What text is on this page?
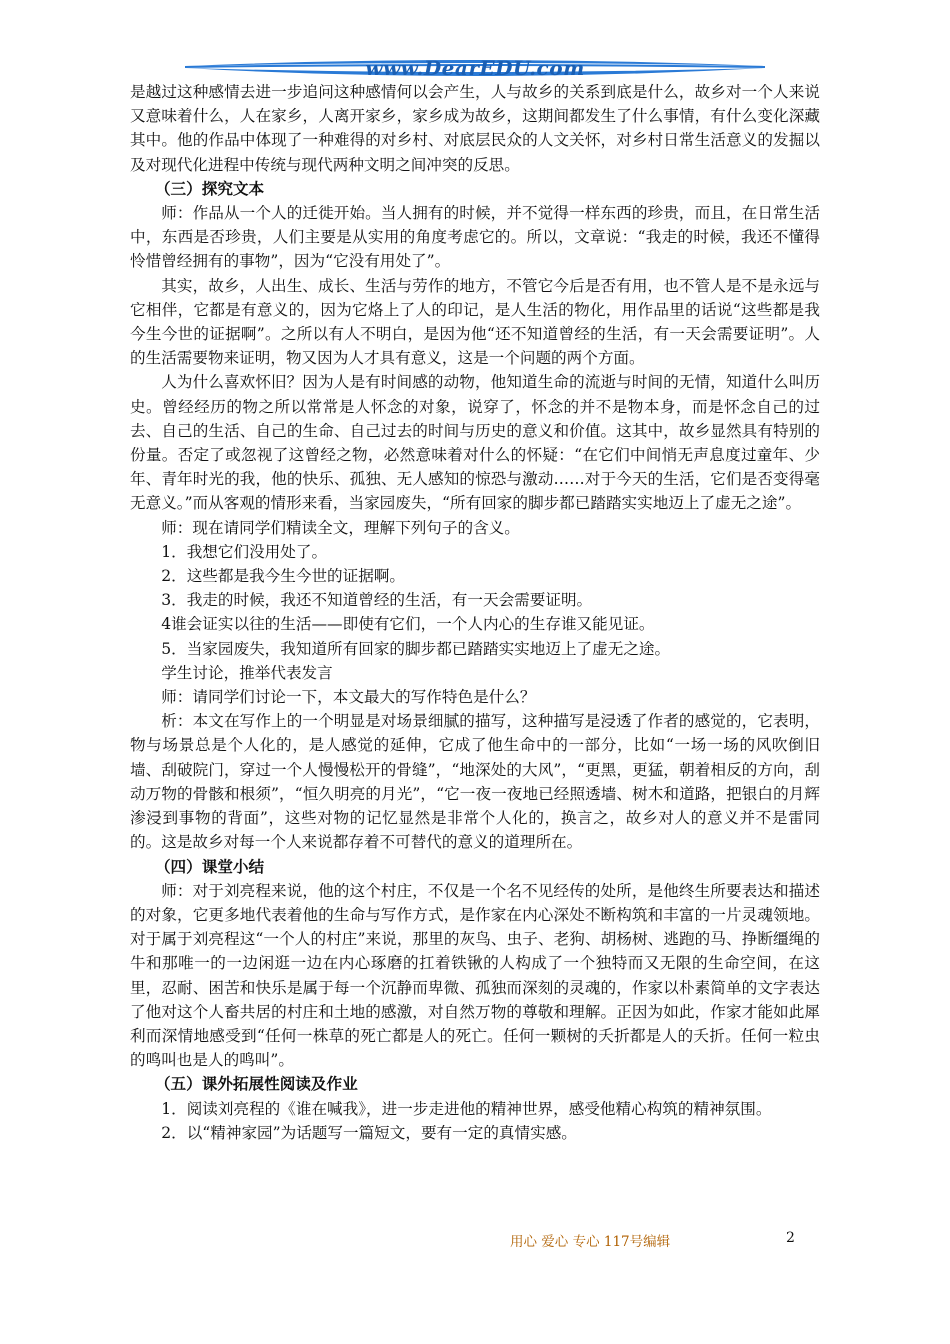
www.DearEDU.com

是越过这种感情去进一步追问这种感情何以会产生，人与故乡的关系到底是什么，故乡对一个人来说又意味着什么，人在家乡，人离开家乡，家乡成为故乡，这期间都发生了什么事情，有什么变化深藏其中。他的作品中体现了一种难得的对乡村、对底层民众的人文关怀，对乡村日常生活意义的发掘以及对现代化进程中传统与现代两种文明之间冲突的反思。

（三）探究文本

师：作品从一个人的迁徙开始。当人拥有的时候，并不觉得一样东西的珍贵，而且，在日常生活中，东西是否珍贵，人们主要是从实用的角度考虑它的。所以，文章说：“我走的时候，我还不懂得怜惜曾经拥有的事物”，因为“它没有用处了”。

其实，故乡，人出生、成长、生活与劳作的地方，不管它今后是否有用，也不管人是不是永远与它相伴，它都是有意义的，因为它烙上了人的印记，是人生活的物化，用作品里的话说“这些都是我今生今世的证据啊”。之所以有人不明白，是因为他“还不知道曾经的生活，有一天会需要证明”。人的生活需要物来证明，物又因为人才具有意义，这是一个问题的两个方面。

人为什么喜欢怀旧？因为人是有时间感的动物，他知道生命的流逝与时间的无情，知道什么叫历史。曾经经历的物之所以常常是人怀念的对象，说穿了，怀念的并不是物本身，而是怀念自己的过去、自己的生活、自己的生命、自己过去的时间与历史的意义和价值。这其中，故乡显然具有特别的份量。否定了或忽视了这曾经之物，必然意味着对什么的怀疑：“在它们中间悄无声息度过童年、少年、青年时光的我，他的快乐、孤独、无人感知的惊恐与激动……对于今天的生活，它们是否变得毫无意义。”而从客观的情形来看，当家园废失，“所有回家的脚步都已踏踏实实地迈上了虚无之途”。

师：现在请同学们精读全文，理解下列句子的含义。

1．我想它们没用处了。

2．这些都是我今生今世的证据啊。

3．我走的时候，我还不知道曾经的生活，有一天会需要证明。

4谁会证实以往的生活——即使有它们，一个人内心的生存谁又能见证。

5．当家园废失，我知道所有回家的脚步都已踏踏实实地迈上了虚无之途。

学生讨论，推举代表发言

师：请同学们讨论一下，本文最大的写作特色是什么？

析：本文在写作上的一个明显是对场景细腻的描写，这种描写是浸透了作者的感觉的，它表明，物与场景总是个人化的，是人感觉的延伸，它成了他生命中的一部分，比如“一场一场的风吹倒旧墙、刮破院门，穿过一个人慢慢松开的骨缝”，“地深处的大风”，“更黑，更猛，朝着相反的方向，刮动万物的骨骸和根须”，“恒久明亮的月光”，“它一夜一夜地已经照透墙、树木和道路，把银白的月辉渗浸到事物的背面”，这些对物的记忆显然是非常个人化的，换言之，故乡对人的意义并不是雷同的。这是故乡对每一个人来说都存着不可替代的意义的道理所在。

（四）课堂小结

师：对于刘亮程来说，他的这个村庄，不仅是一个名不见经传的处所，是他终生所要表达和描述的对象，它更多地代表着他的生命与写作方式，是作家在内心深处不断构筑和丰富的一片灵魂领地。对于属于刘亮程这“一个人的村庄”来说，那里的灰鸟、虫子、老狗、胡杨树、逃跑的马、挣断缰绳的牛和那唯一的一边闲逛一边在内心琢磨的扛着铁锹的人构成了一个独特而又无限的生命空间，在这里，忍耐、困苦和快乐是属于每一个沉静而卑微、孤独而深刻的灵魂的，作家以朴素简单的文字表达了他对这个人畜共居的村庄和土地的感激，对自然万物的尊敬和理解。正因为如此，作家才能如此犀利而深情地感受到“任何一株草的死亡都是人的死亡。任何一颗树的夭折都是人的夭折。任何一粒虫的鸣叫也是人的鸣叫”。

（五）课外拓展性阅读及作业

1．阅读刘亮程的《谁在喊我》，进一步走进他的精神世界，感受他精心构筑的精神氛围。

2．以“精神家园”为话题写一篇短文，要有一定的真情实感。

用心 爱心 专心 117号编辑	2
